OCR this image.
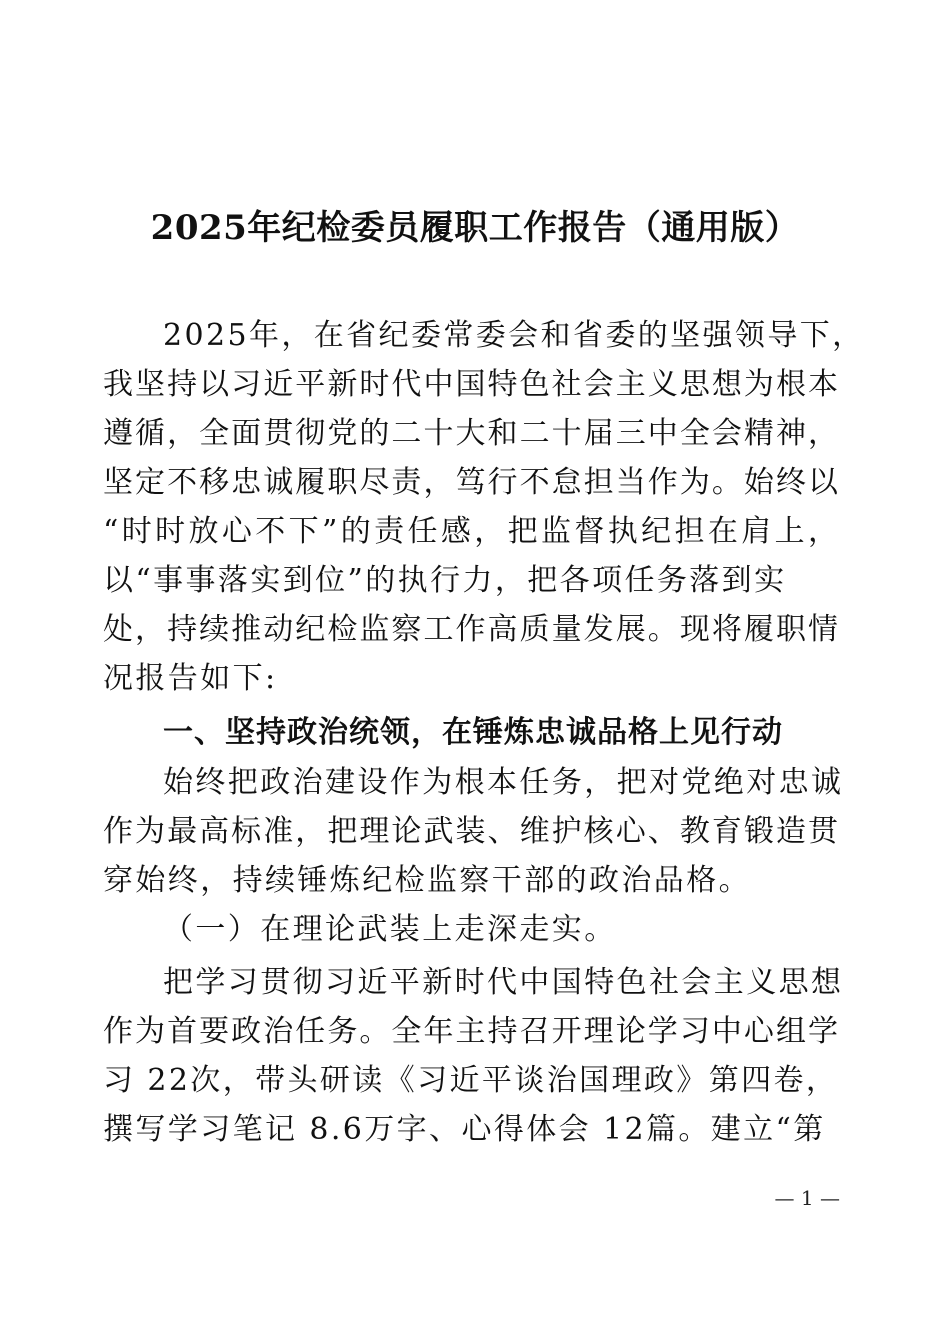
2025年纪检委员履职工作报告（通用版）
2025年，在省纪委常委会和省委的坚强领导下，
我坚持以习近平新时代中国特色社会主义思想为根本
遵循，全面贯彻党的二十大和二十届三中全会精神，
坚定不移忠诚履职尽责，笃行不怠担当作为。始终以
“时时放心不下”的责任感，把监督执纪担在肩上，
以“事事落实到位”的执行力，把各项任务落到实
处，持续推动纪检监察工作高质量发展。现将履职情
况报告如下:
一、坚持政治统领，在锤炼忠诚品格上见行动
始终把政治建设作为根本任务，把对党绝对忠诚
作为最高标准，把理论武装、维护核心、教育锻造贯
穿始终，持续锤炼纪检监察干部的政治品格。
（一）在理论武装上走深走实。
把学习贯彻习近平新时代中国特色社会主义思想
作为首要政治任务。全年主持召开理论学习中心组学
习 22次，带头研读《习近平谈治国理政》第四卷，
撰写学习笔记 8.6万字、心得体会 12篇。建立“第
— 1 —
